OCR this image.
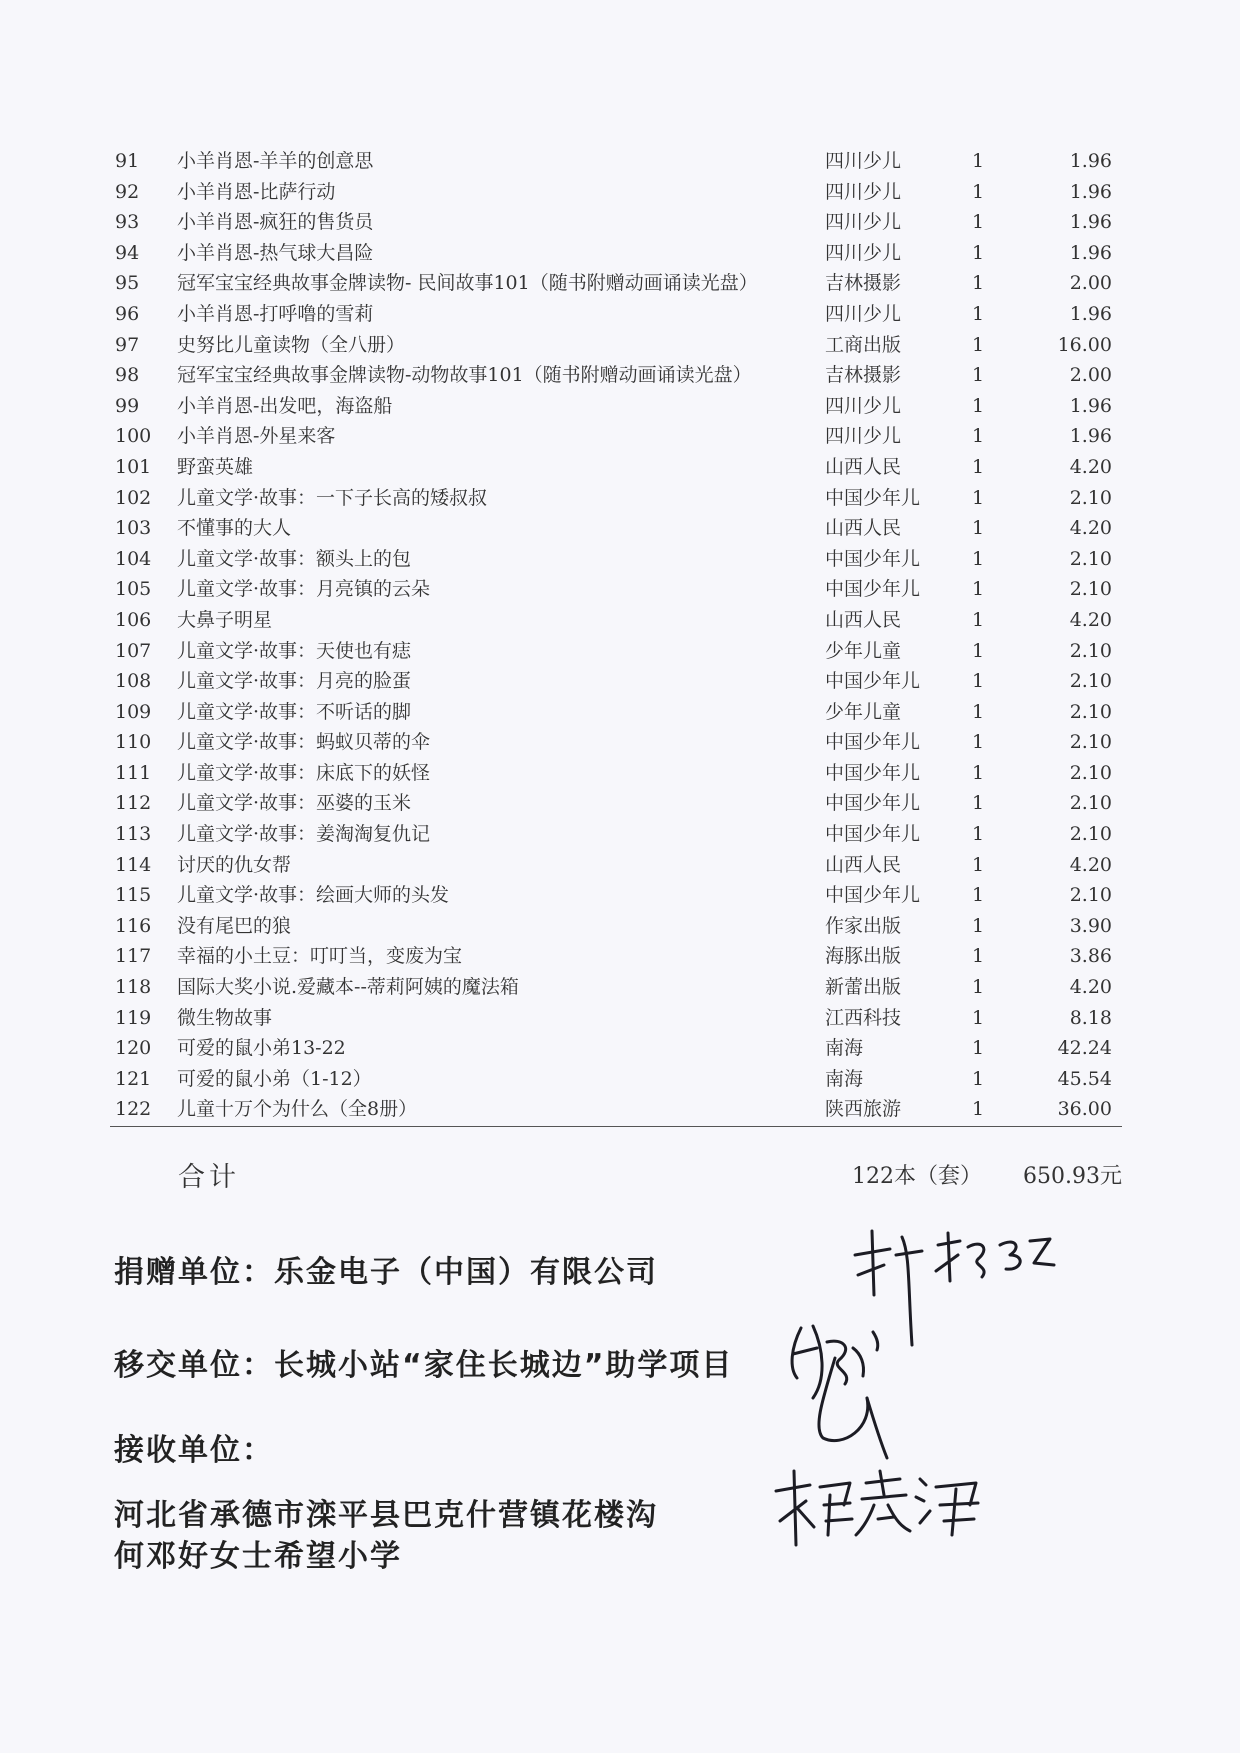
91 小羊肖恩-羊羊的创意思	四川少儿	1	1.96
92 小羊肖恩-比萨行动	四川少儿	1	1.96
93 小羊肖恩-疯狂的售货员	四川少儿	1	1.96
94 小羊肖恩-热气球大昌险	四川少儿	1	1.96
95 冠军宝宝经典故事金牌读物- 民间故事101（随书附赠动画诵读光盘）	吉林摄影	1	2.00
96 小羊肖恩-打呼噜的雪莉	四川少儿	1	1.96
97 史努比儿童读物（全八册）	工商出版	1	16.00
98 冠军宝宝经典故事金牌读物-动物故事101（随书附赠动画诵读光盘）	吉林摄影	1	2.00
99 小羊肖恩-出发吧，海盗船	四川少儿	1	1.96
100 小羊肖恩-外星来客	四川少儿	1	1.96
101 野蛮英雄	山西人民	1	4.20
102 儿童文学·故事：一下子长高的矮叔叔	中国少年儿	1	2.10
103 不懂事的大人	山西人民	1	4.20
104 儿童文学·故事：额头上的包	中国少年儿	1	2.10
105 儿童文学·故事：月亮镇的云朵	中国少年儿	1	2.10
106 大鼻子明星	山西人民	1	4.20
107 儿童文学·故事：天使也有痣	少年儿童	1	2.10
108 儿童文学·故事：月亮的脸蛋	中国少年儿	1	2.10
109 儿童文学·故事：不听话的脚	少年儿童	1	2.10
110 儿童文学·故事：蚂蚁贝蒂的伞	中国少年儿	1	2.10
111 儿童文学·故事：床底下的妖怪	中国少年儿	1	2.10
112 儿童文学·故事：巫婆的玉米	中国少年儿	1	2.10
113 儿童文学·故事：姜淘淘复仇记	中国少年儿	1	2.10
114 讨厌的仇女帮	山西人民	1	4.20
115 儿童文学·故事：绘画大师的头发	中国少年儿	1	2.10
116 没有尾巴的狼	作家出版	1	3.90
117 幸福的小土豆：叮叮当，变废为宝	海豚出版	1	3.86
118 国际大奖小说.爱藏本--蒂莉阿姨的魔法箱	新蕾出版	1	4.20
119 微生物故事	江西科技	1	8.18
120 可爱的鼠小弟13-22	南海	1	42.24
121 可爱的鼠小弟（1-12）	南海	1	45.54
122 儿童十万个为什么（全8册）	陕西旅游	1	36.00
合计	122本（套） 650.93元
捐赠单位：乐金电子（中国）有限公司
移交单位：长城小站“家住长城边”助学项目
接收单位：
河北省承德市滦平县巴克什营镇花楼沟
何邓好女士希望小学
